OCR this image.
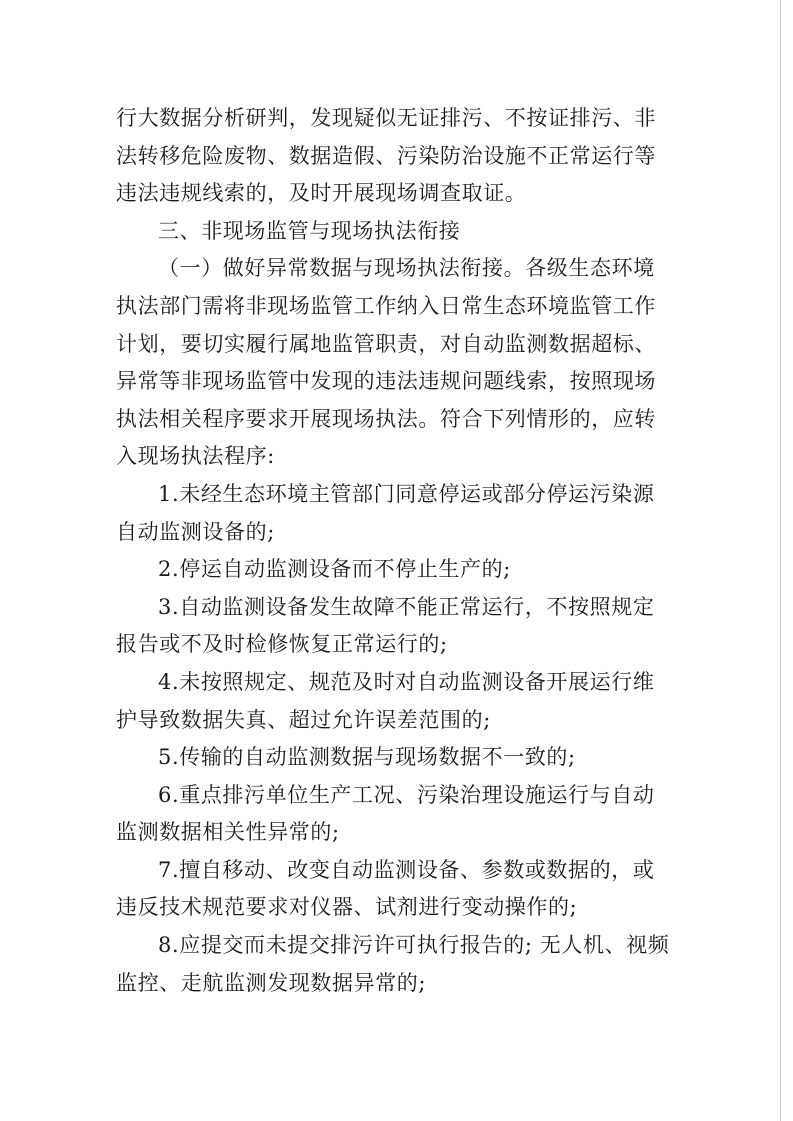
行大数据分析研判，发现疑似无证排污、不按证排污、非法转移危险废物、数据造假、污染防治设施不正常运行等违法违规线索的，及时开展现场调查取证。

三、非现场监管与现场执法衔接

（一）做好异常数据与现场执法衔接。各级生态环境执法部门需将非现场监管工作纳入日常生态环境监管工作计划，要切实履行属地监管职责，对自动监测数据超标、异常等非现场监管中发现的违法违规问题线索，按照现场执法相关程序要求开展现场执法。符合下列情形的，应转入现场执法程序:

1.未经生态环境主管部门同意停运或部分停运污染源自动监测设备的;

2.停运自动监测设备而不停止生产的;

3.自动监测设备发生故障不能正常运行，不按照规定报告或不及时检修恢复正常运行的;

4.未按照规定、规范及时对自动监测设备开展运行维护导致数据失真、超过允许误差范围的;

5.传输的自动监测数据与现场数据不一致的;

6.重点排污单位生产工况、污染治理设施运行与自动监测数据相关性异常的;

7.擅自移动、改变自动监测设备、参数或数据的，或违反技术规范要求对仪器、试剂进行变动操作的;

8.应提交而未提交排污许可执行报告的; 无人机、视频监控、走航监测发现数据异常的;
